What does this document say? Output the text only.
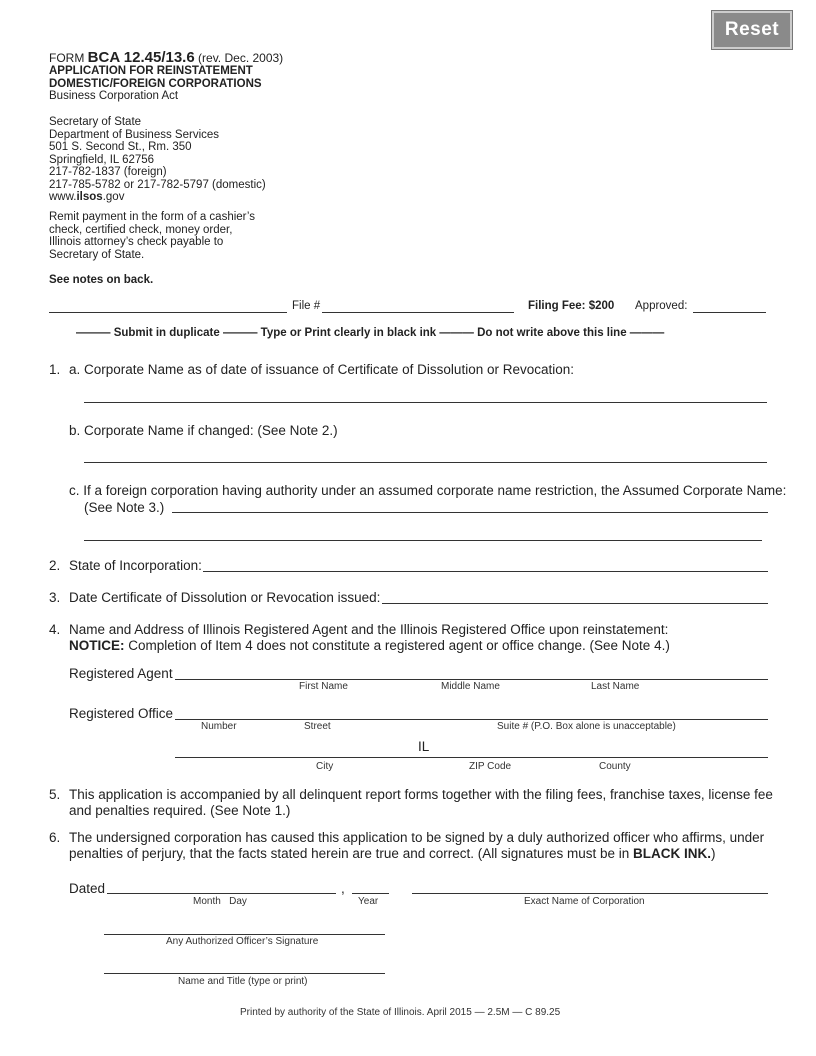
Reset
FORM BCA 12.45/13.6 (rev. Dec. 2003)
APPLICATION FOR REINSTATEMENT
DOMESTIC/FOREIGN CORPORATIONS
Business Corporation Act
Secretary of State
Department of Business Services
501 S. Second St., Rm. 350
Springfield, IL 62756
217-782-1837 (foreign)
217-785-5782 or 217-782-5797 (domestic)
www.ilsos.gov
Remit payment in the form of a cashier’s
check, certified check, money order,
Illinois attorney’s check payable to
Secretary of State.
See notes on back.
File #	Filing Fee: $200 Approved:
——— Submit in duplicate ——— Type or Print clearly in black ink ——— Do not write above this line ———
1. a. Corporate Name as of date of issuance of Certificate of Dissolution or Revocation:
b. Corporate Name if changed: (See Note 2.)
c. If a foreign corporation having authority under an assumed corporate name restriction, the Assumed Corporate Name:
(See Note 3.)
2. State of Incorporation:
3. Date Certificate of Dissolution or Revocation issued:
4. Name and Address of Illinois Registered Agent and the Illinois Registered Office upon reinstatement:
NOTICE: Completion of Item 4 does not constitute a registered agent or office change. (See Note 4.)
Registered Agent
First Name	Middle Name	Last Name
Registered Office
Number	Street	Suite # (P.O. Box alone is unacceptable)
IL
City	ZIP Code	County
5. This application is accompanied by all delinquent report forms together with the filing fees, franchise taxes, license fee
and penalties required. (See Note 1.)
6. The undersigned corporation has caused this application to be signed by a duly authorized officer who affirms, under
penalties of perjury, that the facts stated herein are true and correct. (All signatures must be in BLACK INK.)
Dated	,
Month   Day	Year	Exact Name of Corporation
Any Authorized Officer’s Signature
Name and Title (type or print)
Printed by authority of the State of Illinois. April 2015 — 2.5M — C 89.25
